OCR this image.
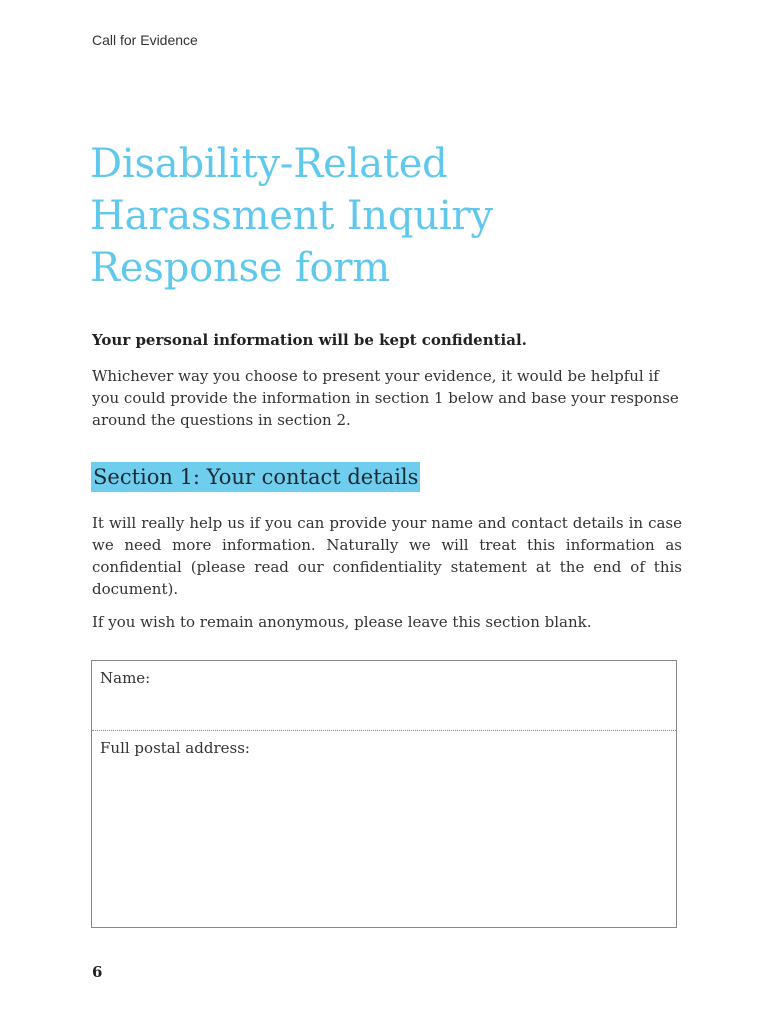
Call for Evidence

Disability-Related
Harassment Inquiry
Response form

Your personal information will be kept confidential.

Whichever way you choose to present your evidence, it would be helpful if you could provide the information in section 1 below and base your response around the questions in section 2.

Section 1: Your contact details

It will really help us if you can provide your name and contact details in case we need more information. Naturally we will treat this information as confidential (please read our confidentiality statement at the end of this document).

If you wish to remain anonymous, please leave this section blank.

Name:
Full postal address:

6
